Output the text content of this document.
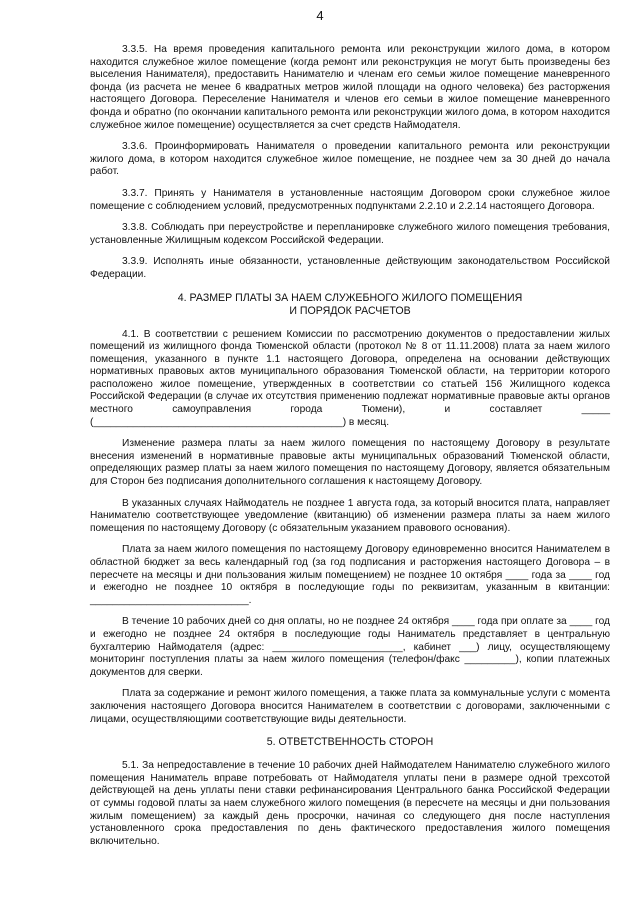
4

3.3.5. На время проведения капитального ремонта или реконструкции жилого дома, в котором находится служебное жилое помещение (когда ремонт или реконструкция не могут быть произведены без выселения Нанимателя), предоставить Нанимателю и членам его семьи жилое помещение маневренного фонда (из расчета не менее 6 квадратных метров жилой площади на одного человека) без расторжения настоящего Договора. Переселение Нанимателя и членов его семьи в жилое помещение маневренного фонда и обратно (по окончании капитального ремонта или реконструкции жилого дома, в котором находится служебное жилое помещение) осуществляется за счет средств Наймодателя.

3.3.6. Проинформировать Нанимателя о проведении капитального ремонта или реконструкции жилого дома, в котором находится служебное жилое помещение, не позднее чем за 30 дней до начала работ.

3.3.7. Принять у Нанимателя в установленные настоящим Договором сроки служебное жилое помещение с соблюдением условий, предусмотренных подпунктами 2.2.10 и 2.2.14 настоящего Договора.

3.3.8. Соблюдать при переустройстве и перепланировке служебного жилого помещения требования, установленные Жилищным кодексом Российской Федерации.

3.3.9. Исполнять иные обязанности, установленные действующим законодательством Российской Федерации.

4. РАЗМЕР ПЛАТЫ ЗА НАЕМ СЛУЖЕБНОГО ЖИЛОГО ПОМЕЩЕНИЯ
И ПОРЯДОК РАСЧЕТОВ

4.1. В соответствии с решением Комиссии по рассмотрению документов о предоставлении жилых помещений из жилищного фонда Тюменской области (протокол № 8 от 11.11.2008) плата за наем жилого помещения, указанного в пункте 1.1 настоящего Договора, определена на основании действующих нормативных правовых актов муниципального образования Тюменской области, на территории которого расположено жилое помещение, утвержденных в соответствии со статьей 156 Жилищного кодекса Российской Федерации (в случае их отсутствия применению подлежат нормативные правовые акты органов местного самоуправления города Тюмени), и составляет _____ (____________________________________________) в месяц.

Изменение размера платы за наем жилого помещения по настоящему Договору в результате внесения изменений в нормативные правовые акты муниципальных образований Тюменской области, определяющих размер платы за наем жилого помещения по настоящему Договору, является обязательным для Сторон без подписания дополнительного соглашения к настоящему Договору.

В указанных случаях Наймодатель не позднее 1 августа года, за который вносится плата, направляет Нанимателю соответствующее уведомление (квитанцию) об изменении размера платы за наем жилого помещения по настоящему Договору (с обязательным указанием правового основания).

Плата за наем жилого помещения по настоящему Договору единовременно вносится Нанимателем в областной бюджет за весь календарный год (за год подписания и расторжения настоящего Договора – в пересчете на месяцы и дни пользования жилым помещением) не позднее 10 октября ____ года за ____ год и ежегодно не позднее 10 октября в последующие годы по реквизитам, указанным в квитанции: ____________________________.

В течение 10 рабочих дней со дня оплаты, но не позднее 24 октября ____ года при оплате за ____ год и ежегодно не позднее 24 октября в последующие годы Наниматель представляет в центральную бухгалтерию Наймодателя (адрес: _______________________, кабинет ___) лицу, осуществляющему мониторинг поступления платы за наем жилого помещения (телефон/факс _________), копии платежных документов для сверки.

Плата за содержание и ремонт жилого помещения, а также плата за коммунальные услуги с момента заключения настоящего Договора вносится Нанимателем в соответствии с договорами, заключенными с лицами, осуществляющими соответствующие виды деятельности.

5. ОТВЕТСТВЕННОСТЬ СТОРОН

5.1. За непредоставление в течение 10 рабочих дней Наймодателем Нанимателю служебного жилого помещения Наниматель вправе потребовать от Наймодателя уплаты пени в размере одной трехсотой действующей на день уплаты пени ставки рефинансирования Центрального банка Российской Федерации от суммы годовой платы за наем служебного жилого помещения (в пересчете на месяцы и дни пользования жилым помещением) за каждый день просрочки, начиная со следующего дня после наступления установленного срока предоставления по день фактического предоставления жилого помещения включительно.
